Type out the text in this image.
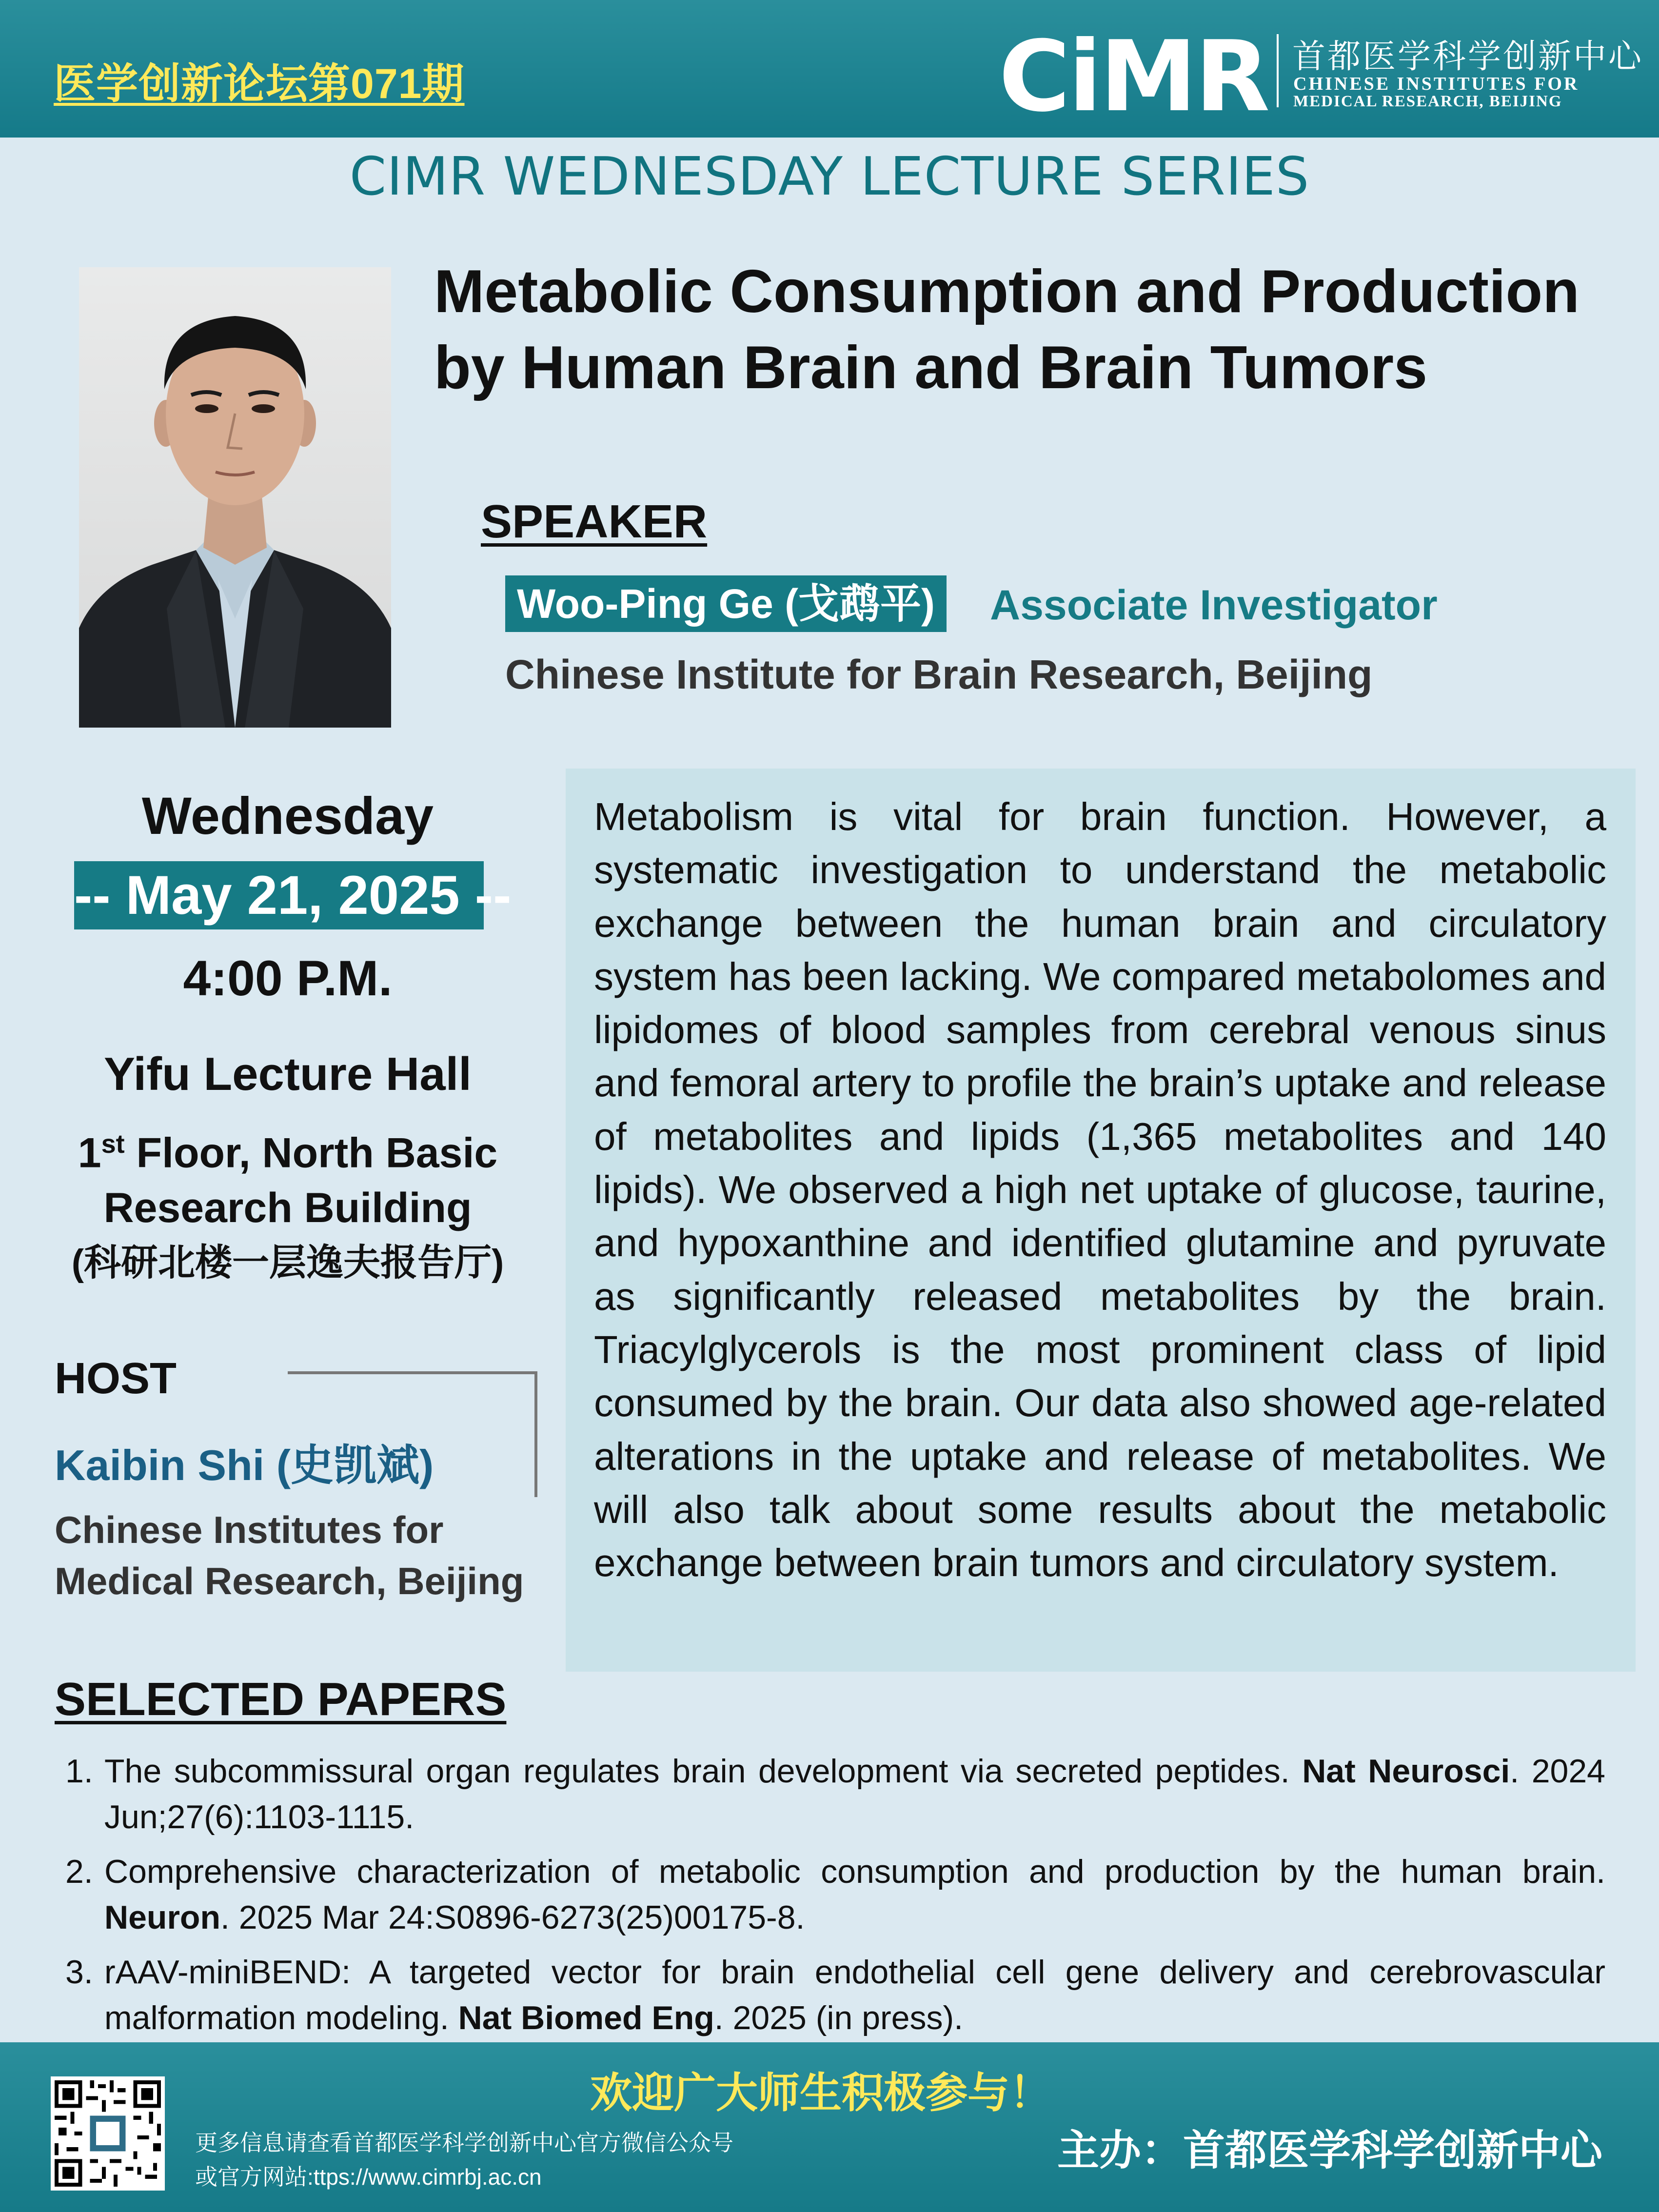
医学创新论坛第071期	CiMR 首都医学科学创新中心
CHINESE INSTITUTES FOR
MEDICAL RESEARCH, BEIJING
CIMR WEDNESDAY LECTURE SERIES
Metabolic Consumption and Production
by Human Brain and Brain Tumors
SPEAKER
Woo-Ping Ge (戈鹉平) Associate Investigator
Chinese Institute for Brain Research, Beijing
Wednesday
-- May 21, 2025 --
4:00 P.M.
Yifu Lecture Hall
1st Floor, North Basic
Research Building
(科研北楼一层逸夫报告厅)
HOST
Kaibin Shi (史凯斌)
Chinese Institutes for
Medical Research, Beijing
Metabolism is vital for brain function. However, a systematic investigation to understand the metabolic exchange between the human brain and circulatory system has been lacking. We compared metabolomes and lipidomes of blood samples from cerebral venous sinus and femoral artery to profile the brain’s uptake and release of metabolites and lipids (1,365 metabolites and 140 lipids). We observed a high net uptake of glucose, taurine, and hypoxanthine and identified glutamine and pyruvate as significantly released metabolites by the brain. Triacylglycerols is the most prominent class of lipid consumed by the brain. Our data also showed age-related alterations in the uptake and release of metabolites. We will also talk about some results about the metabolic exchange between brain tumors and circulatory system.
SELECTED PAPERS
1. The subcommissural organ regulates brain development via secreted peptides. Nat Neurosci. 2024 Jun;27(6):1103-1115.
2. Comprehensive characterization of metabolic consumption and production by the human brain. Neuron. 2025 Mar 24:S0896-6273(25)00175-8.
3. rAAV-miniBEND: A targeted vector for brain endothelial cell gene delivery and cerebrovascular malformation modeling. Nat Biomed Eng. 2025 (in press).
欢迎广大师生积极参与！
更多信息请查看首都医学科学创新中心官方微信公众号
或官方网站:ttps://www.cimrbj.ac.cn
主办：首都医学科学创新中心
